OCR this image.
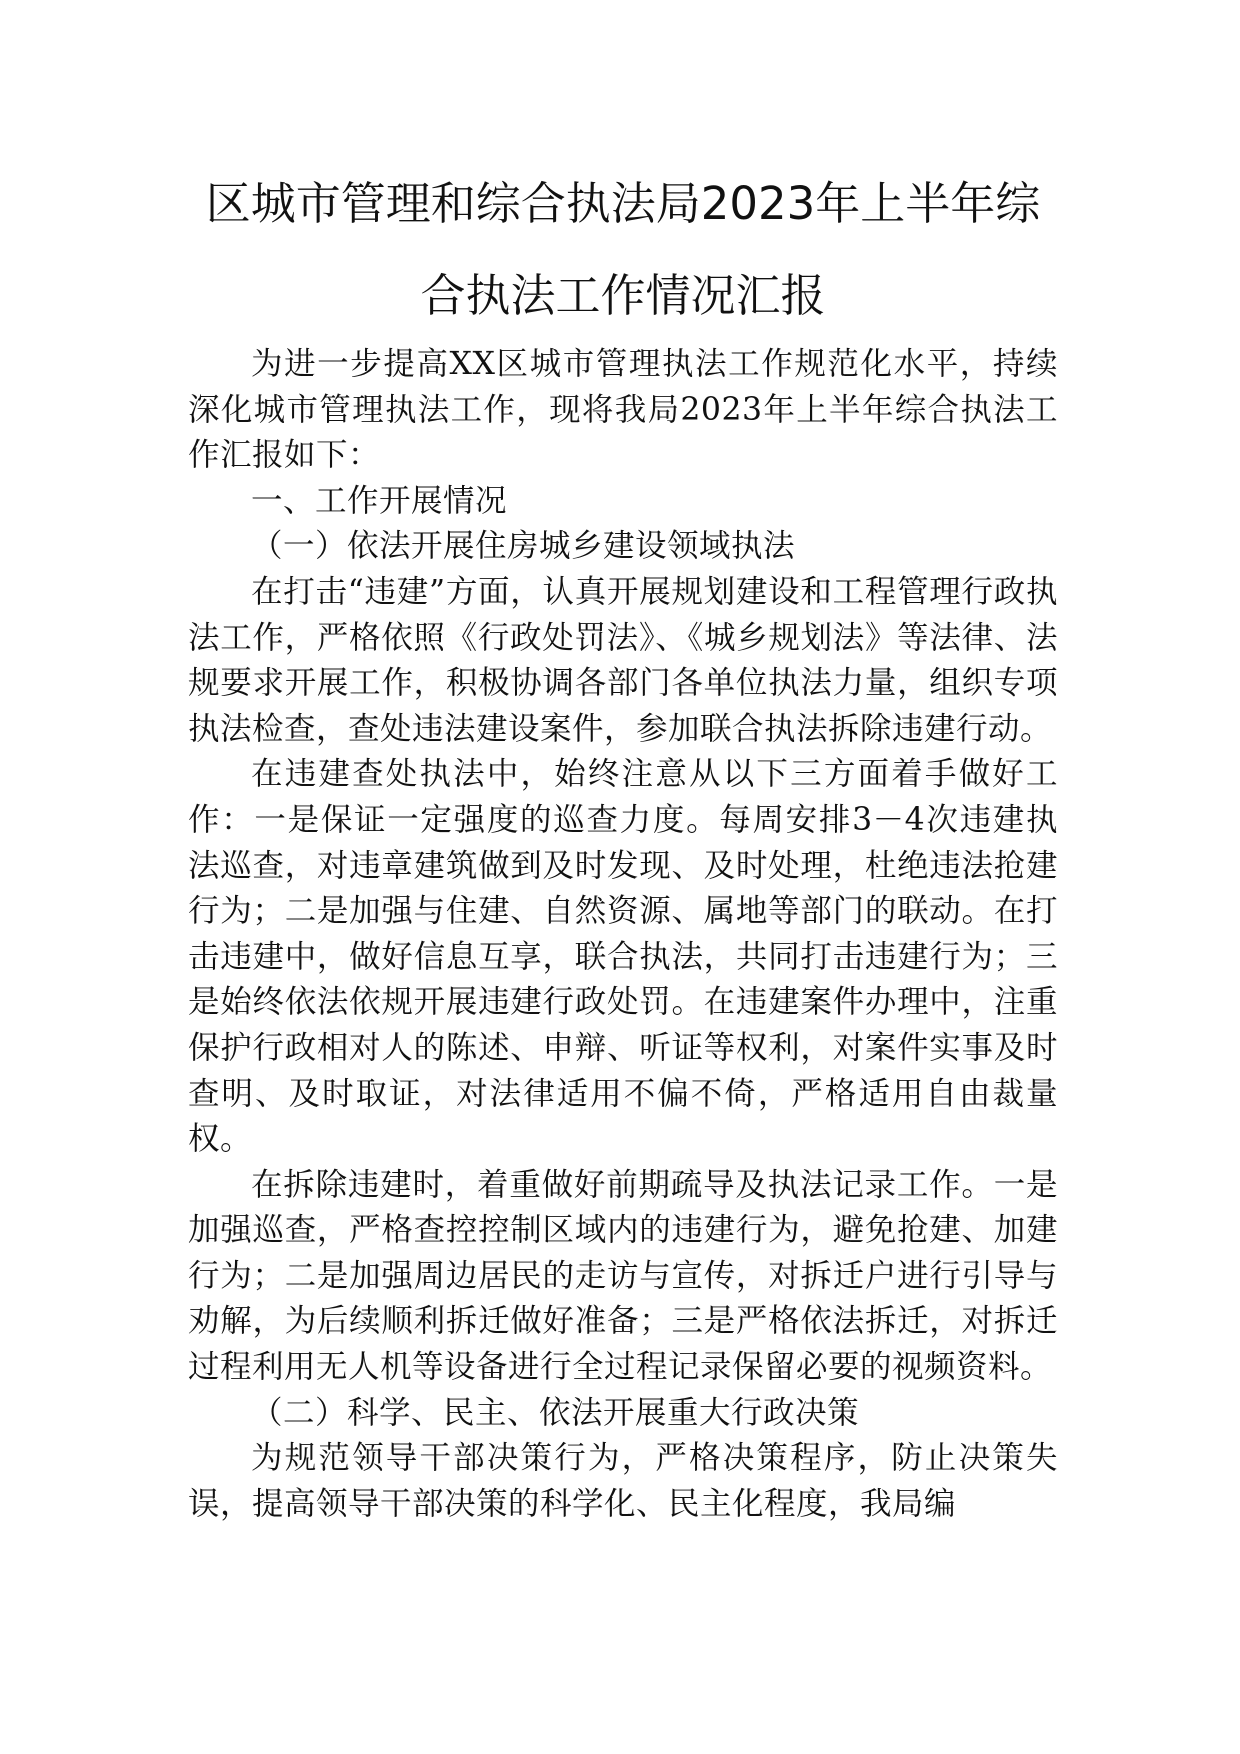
区城市管理和综合执法局2023年上半年综合执法工作情况汇报

为进一步提高XX区城市管理执法工作规范化水平，持续深化城市管理执法工作，现将我局2023年上半年综合执法工作汇报如下：

一、工作开展情况

（一）依法开展住房城乡建设领域执法

在打击“违建”方面，认真开展规划建设和工程管理行政执法工作，严格依照《行政处罚法》、《城乡规划法》等法律、法规要求开展工作，积极协调各部门各单位执法力量，组织专项执法检查，查处违法建设案件，参加联合执法拆除违建行动。

在违建查处执法中，始终注意从以下三方面着手做好工作：一是保证一定强度的巡查力度。每周安排3－4次违建执法巡查，对违章建筑做到及时发现、及时处理，杜绝违法抢建行为；二是加强与住建、自然资源、属地等部门的联动。在打击违建中，做好信息互享，联合执法，共同打击违建行为；三是始终依法依规开展违建行政处罚。在违建案件办理中，注重保护行政相对人的陈述、申辩、听证等权利，对案件实事及时查明、及时取证，对法律适用不偏不倚，严格适用自由裁量权。

在拆除违建时，着重做好前期疏导及执法记录工作。一是加强巡查，严格查控控制区域内的违建行为，避免抢建、加建行为；二是加强周边居民的走访与宣传，对拆迁户进行引导与劝解，为后续顺利拆迁做好准备；三是严格依法拆迁，对拆迁过程利用无人机等设备进行全过程记录保留必要的视频资料。

（二）科学、民主、依法开展重大行政决策

为规范领导干部决策行为，严格决策程序，防止决策失误，提高领导干部决策的科学化、民主化程度，我局编
